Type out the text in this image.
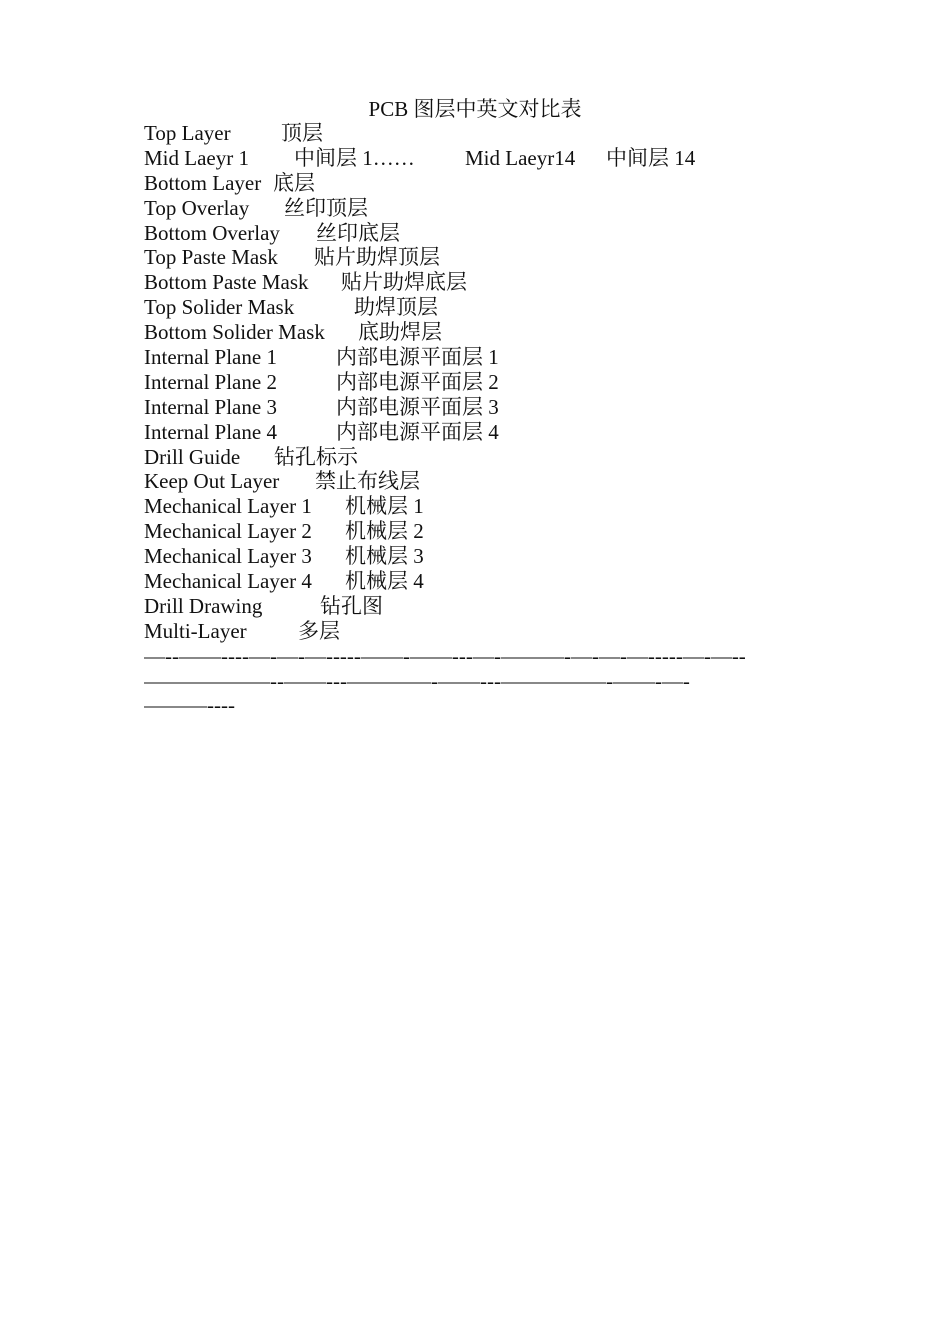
PCB 图层中英文对比表
Top Layer 顶层
Mid Laeyr 1 中间层 1…… Mid Laeyr14 中间层 14
Bottom Layer 底层
Top Overlay 丝印顶层
Bottom Overlay 丝印底层
Top Paste Mask 贴片助焊顶层
Bottom Paste Mask 贴片助焊底层
Top Solider Mask	助焊顶层
Bottom Solider Mask 底助焊层
Internal Plane 1	内部电源平面层 1
Internal Plane 2	内部电源平面层 2
Internal Plane 3	内部电源平面层 3
Internal Plane 4	内部电源平面层 4
Drill Guide 钻孔标示
Keep Out Layer 禁止布线层
Mechanical Layer 1 机械层 1
Mechanical Layer 2 机械层 2
Mechanical Layer 3 机械层 3
Mechanical Layer 4 机械层 4
Drill Drawing	钻孔图
Multi-Layer 多层
—--——----—-—-—-----——-——---—-———-—-—-—-----—-—--
——————--——---————-——---—————-——-—-
———----
